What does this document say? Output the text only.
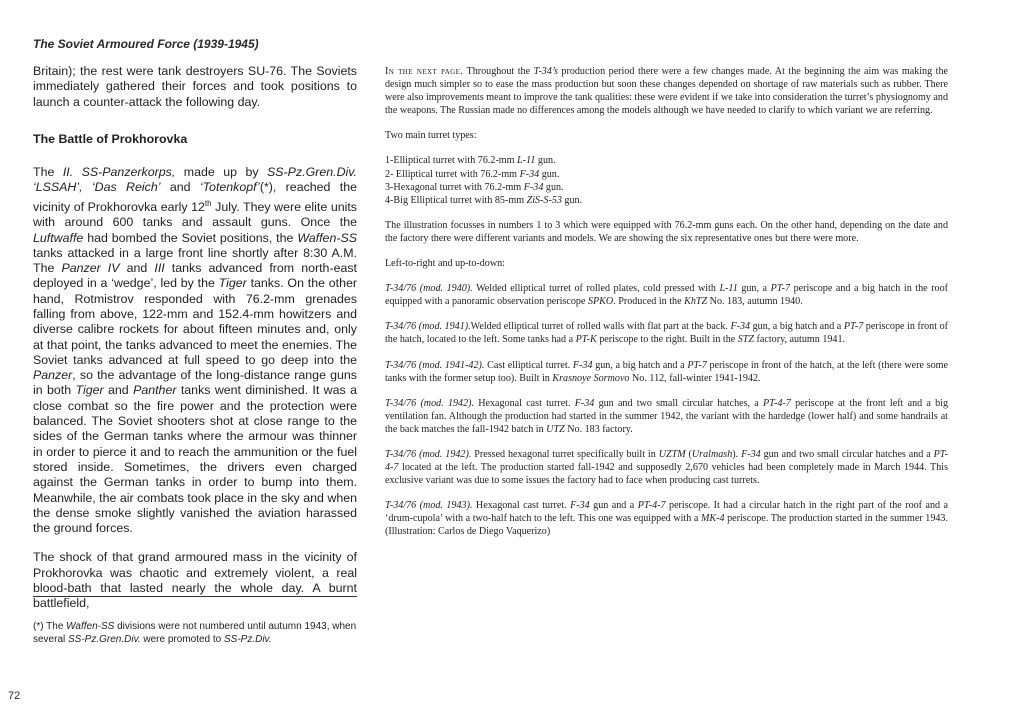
The Soviet Armoured Force (1939-1945)

Britain); the rest were tank destroyers SU-76. The Soviets immediately gathered their forces and took positions to launch a counter-attack the following day.

The Battle of Prokhorovka

The II. SS-Panzerkorps, made up by SS-Pz.Gren.Div. ‘LSSAH’, ‘Das Reich’ and ‘Totenkopf’(*), reached the vicinity of Prokhorovka early 12th July. They were elite units with around 600 tanks and assault guns. Once the Luftwaffe had bombed the Soviet positions, the Waffen-SS tanks attacked in a large front line shortly after 8:30 A.M. The Panzer IV and III tanks advanced from north-east deployed in a ‘wedge’, led by the Tiger tanks. On the other hand, Rotmistrov responded with 76.2-mm grenades falling from above, 122-mm and 152.4-mm howitzers and diverse calibre rockets for about fifteen minutes and, only at that point, the tanks advanced to meet the enemies. The Soviet tanks advanced at full speed to go deep into the Panzer, so the advantage of the long-distance range guns in both Tiger and Panther tanks went diminished. It was a close combat so the fire power and the protection were balanced. The Soviet shooters shot at close range to the sides of the German tanks where the armour was thinner in order to pierce it and to reach the ammunition or the fuel stored inside. Sometimes, the drivers even charged against the German tanks in order to bump into them. Meanwhile, the air combats took place in the sky and when the dense smoke slightly vanished the aviation harassed the ground forces.

The shock of that grand armoured mass in the vicinity of Prokhorovka was chaotic and extremely violent, a real blood-bath that lasted nearly the whole day. A burnt battlefield,

(*) The Waffen-SS divisions were not numbered until autumn 1943, when several SS-Pz.Gren.Div. were promoted to SS-Pz.Div.
72

In the next page. Throughout the T-34’s production period there were a few changes made. At the beginning the aim was making the design much simpler so to ease the mass production but soon these changes depended on shortage of raw materials such as rubber. There were also improvements meant to improve the tank qualities: these were evident if we take into consideration the turret’s physiognomy and the weapons. The Russian made no differences among the models although we have needed to clarify to which variant we are referring.

Two main turret types:

1-Elliptical turret with 76.2-mm L-11 gun.

2- Elliptical turret with 76.2-mm F-34 gun.

3-Hexagonal turret with 76.2-mm F-34 gun.

4-Big Elliptical turret with 85-mm ZiS-S-53 gun.

The illustration focusses in numbers 1 to 3 which were equipped with 76.2-mm guns each. On the other hand, depending on the date and the factory there were different variants and models. We are showing the six representative ones but there were more.

Left-to-right and up-to-down:

T-34/76 (mod. 1940). Welded elliptical turret of rolled plates, cold pressed with L-11 gun, a PT-7 periscope and a big hatch in the roof equipped with a panoramic observation periscope SPKO. Produced in the KhTZ No. 183, autumn 1940.

T-34/76 (mod. 1941).Welded elliptical turret of rolled walls with flat part at the back. F-34 gun, a big hatch and a PT-7 periscope in front of the hatch, located to the left. Some tanks had a PT-K periscope to the right. Built in the STZ factory, autumn 1941.

T-34/76 (mod. 1941-42). Cast elliptical turret. F-34 gun, a big hatch and a PT-7 periscope in front of the hatch, at the left (there were some tanks with the former setup too). Built in Krasnoye Sormovo No. 112, fall-winter 1941-1942.

T-34/76 (mod. 1942). Hexagonal cast turret. F-34 gun and two small circular hatches, a PT-4-7 periscope at the front left and a big ventilation fan. Although the production had started in the summer 1942, the variant with the hardedge (lower half) and some handrails at the back matches the fall-1942 batch in UTZ No. 183 factory.

T-34/76 (mod. 1942). Pressed hexagonal turret specifically built in UZTM (Uralmash). F-34 gun and two small circular hatches and a PT-4-7 located at the left. The production started fall-1942 and supposedly 2,670 vehicles had been completely made in March 1944. This exclusive variant was due to some issues the factory had to face when producing cast turrets.

T-34/76 (mod. 1943). Hexagonal cast turret. F-34 gun and a PT-4-7 periscope. It had a circular hatch in the right part of the roof and a ‘drum-cupola’ with a two-half hatch to the left. This one was equipped with a MK-4 periscope. The production started in the summer 1943. (Illustration: Carlos de Diego Vaquerizo)
